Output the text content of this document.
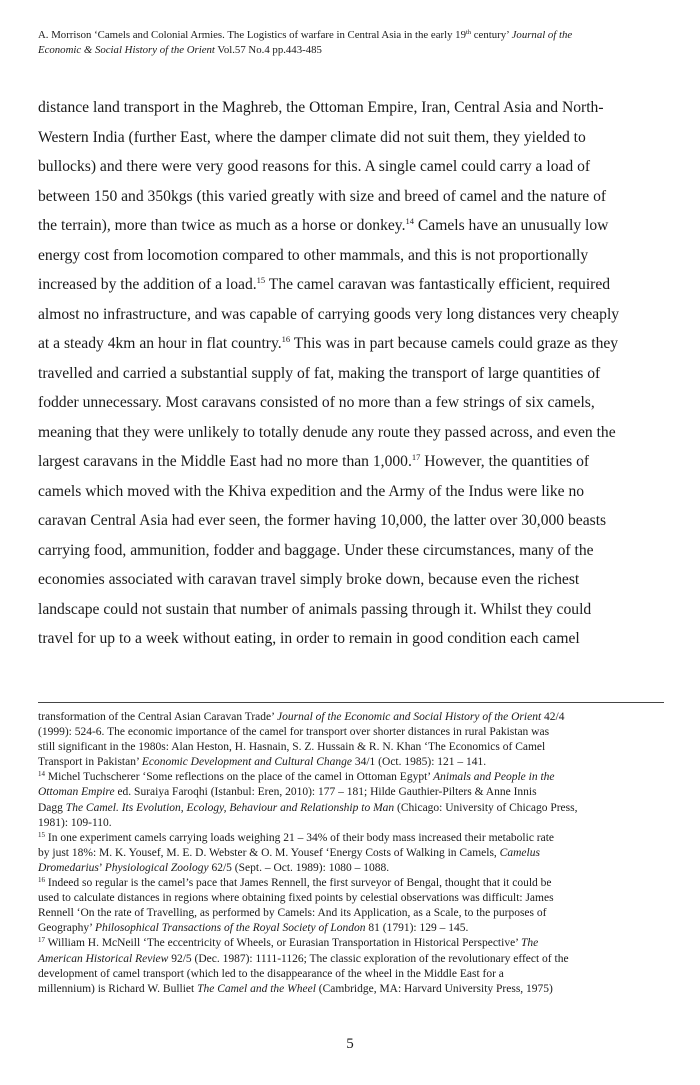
A. Morrison ‘Camels and Colonial Armies. The Logistics of warfare in Central Asia in the early 19th century’ Journal of the
Economic & Social History of the Orient Vol.57 No.4 pp.443-485
distance land transport in the Maghreb, the Ottoman Empire, Iran, Central Asia and North-
Western India (further East, where the damper climate did not suit them, they yielded to
bullocks) and there were very good reasons for this. A single camel could carry a load of
between 150 and 350kgs (this varied greatly with size and breed of camel and the nature of
the terrain), more than twice as much as a horse or donkey.$^{14}$ Camels have an unusually low
energy cost from locomotion compared to other mammals, and this is not proportionally
increased by the addition of a load.$^{15}$ The camel caravan was fantastically efficient, required
almost no infrastructure, and was capable of carrying goods very long distances very cheaply
at a steady 4km an hour in flat country.$^{16}$ This was in part because camels could graze as they
travelled and carried a substantial supply of fat, making the transport of large quantities of
fodder unnecessary. Most caravans consisted of no more than a few strings of six camels,
meaning that they were unlikely to totally denude any route they passed across, and even the
largest caravans in the Middle East had no more than 1,000.17 However, the quantities of
camels which moved with the Khiva expedition and the Army of the Indus were like no
caravan Central Asia had ever seen, the former having 10,000, the latter over 30,000 beasts
carrying food, ammunition, fodder and baggage. Under these circumstances, many of the
economies associated with caravan travel simply broke down, because even the richest
landscape could not sustain that number of animals passing through it. Whilst they could
travel for up to a week without eating, in order to remain in good condition each camel
transformation of the Central Asian Caravan Trade’ Journal of the Economic and Social History of the Orient 42/4
(1999): 524-6. The economic importance of the camel for transport over shorter distances in rural Pakistan was
still significant in the 1980s: Alan Heston, H. Hasnain, S. Z. Hussain & R. N. Khan ‘The Economics of Camel
Transport in Pakistan’ Economic Development and Cultural Change 34/1 (Oct. 1985): 121 – 141.
$^{14}$ Michel Tuchscherer ‘Some reflections on the place of the camel in Ottoman Egypt’ Animals and People in the
Ottoman Empire ed. Suraiya Faroqhi (Istanbul: Eren, 2010): 177 – 181; Hilde Gauthier-Pilters & Anne Innis
Dagg The Camel. Its Evolution, Ecology, Behaviour and Relationship to Man (Chicago: University of Chicago Press,
1981): 109-110.
$^{15}$ In one experiment camels carrying loads weighing 21 – 34% of their body mass increased their metabolic rate
by just 18%: M. K. Yousef, M. E. D. Webster & O. M. Yousef ‘Energy Costs of Walking in Camels, Camelus
Dromedarius’ Physiological Zoology 62/5 (Sept. – Oct. 1989): 1080 – 1088.
$^{16}$ Indeed so regular is the camel’s pace that James Rennell, the first surveyor of Bengal, thought that it could be
used to calculate distances in regions where obtaining fixed points by celestial observations was difficult: James
Rennell ‘On the rate of Travelling, as performed by Camels: And its Application, as a Scale, to the purposes of
Geography’ Philosophical Transactions of the Royal Society of London 81 (1791): 129 – 145.
$^{17}$ William H. McNeill ‘The eccentricity of Wheels, or Eurasian Transportation in Historical Perspective’ The
American Historical Review 92/5 (Dec. 1987): 1111-1126; The classic exploration of the revolutionary effect of the
development of camel transport (which led to the disappearance of the wheel in the Middle East for a
millennium) is Richard W. Bulliet The Camel and the Wheel (Cambridge, MA: Harvard University Press, 1975)
5
